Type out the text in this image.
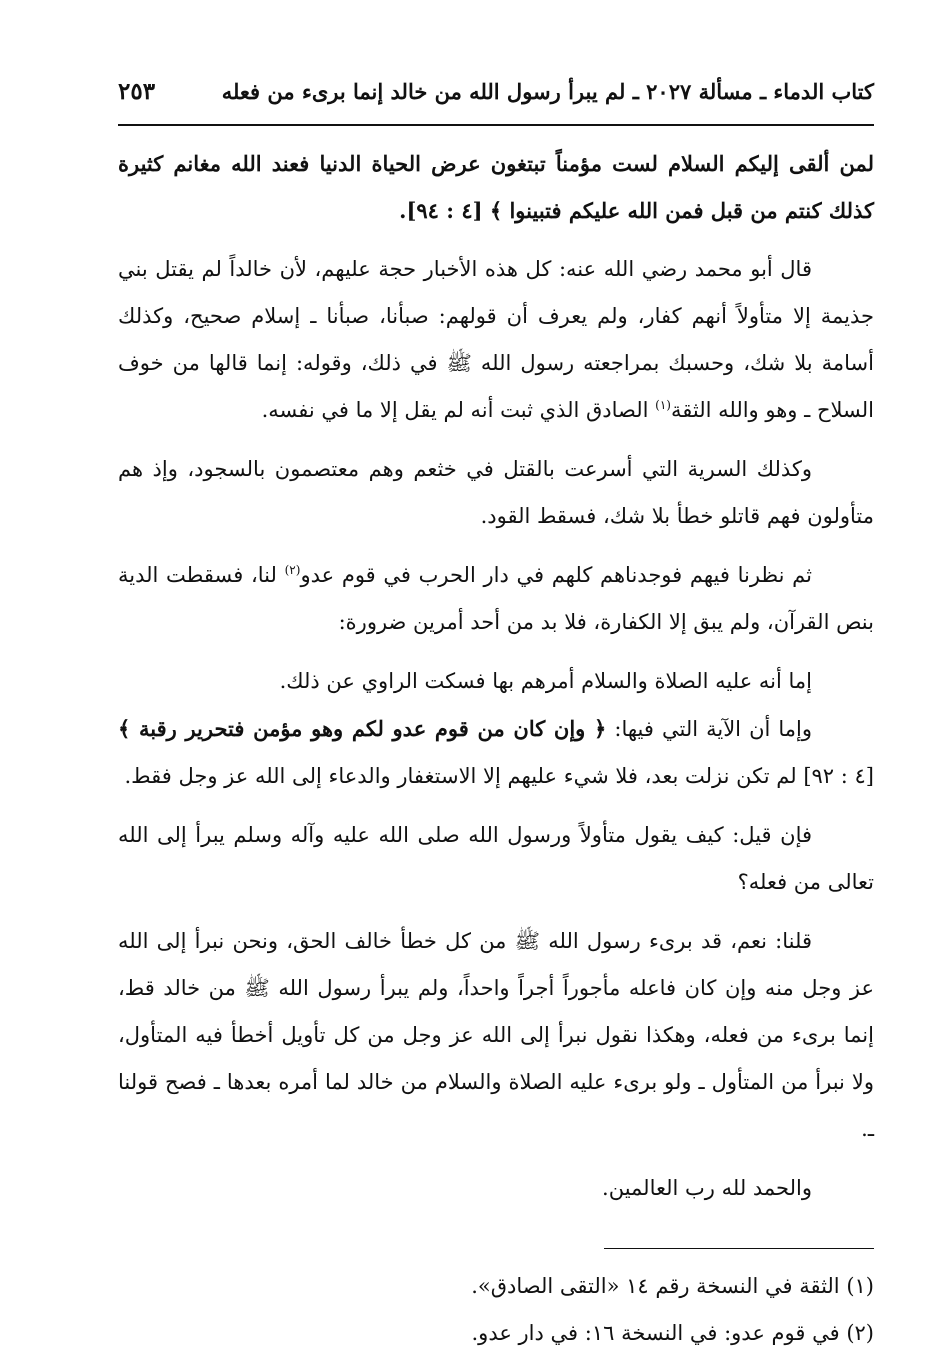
كتاب الدماء ـ مسألة ٢٠٢٧ ـ لم يبرأ رسول الله من خالد إنما برىء من فعله
٢٥٣

لمن ألقى إليكم السلام لست مؤمناً تبتغون عرض الحياة الدنيا فعند الله مغانم كثيرة كذلك كنتم من قبل فمن الله عليكم فتبينوا ﴾ [٤ : ٩٤].

قال أبو محمد رضي الله عنه: كل هذه الأخبار حجة عليهم، لأن خالداً لم يقتل بني جذيمة إلا متأولاً أنهم كفار، ولم يعرف أن قولهم: صبأنا، صبأنا ـ إسلام صحيح، وكذلك أسامة بلا شك، وحسبك بمراجعته رسول الله ﷺ في ذلك، وقوله: إنما قالها من خوف السلاح ـ وهو والله الثقة$^{(١)}$ الصادق الذي ثبت أنه لم يقل إلا ما في نفسه.

وكذلك السرية التي أسرعت بالقتل في خثعم وهم معتصمون بالسجود، وإذ هم متأولون فهم قاتلو خطأ بلا شك، فسقط القود.

ثم نظرنا فيهم فوجدناهم كلهم في دار الحرب في قوم عدو$^{(٢)}$ لنا، فسقطت الدية بنص القرآن، ولم يبق إلا الكفارة، فلا بد من أحد أمرين ضرورة:

إما أنه عليه الصلاة والسلام أمرهم بها فسكت الراوي عن ذلك.

وإما أن الآية التي فيها: ﴿ وإن كان من قوم عدو لكم وهو مؤمن فتحرير رقبة ﴾ [٤ : ٩٢] لم تكن نزلت بعد، فلا شيء عليهم إلا الاستغفار والدعاء إلى الله عز وجل فقط.

فإن قيل: كيف يقول متأولاً ورسول الله صلى الله عليه وآله وسلم يبرأ إلى الله تعالى من فعله؟

قلنا: نعم، قد برىء رسول الله ﷺ من كل خطأ خالف الحق، ونحن نبرأ إلى الله عز وجل منه وإن كان فاعله مأجوراً أجراً واحداً، ولم يبرأ رسول الله ﷺ من خالد قط، إنما برىء من فعله، وهكذا نقول نبرأ إلى الله عز وجل من كل تأويل أخطأ فيه المتأول، ولا نبرأ من المتأول ـ ولو برىء عليه الصلاة والسلام من خالد لما أمره بعدها ـ فصح قولنا ـ.

والحمد لله رب العالمين.

(١) الثقة في النسخة رقم ١٤ «التقى الصادق».

(٢) في قوم عدو: في النسخة ١٦: في دار عدو.
